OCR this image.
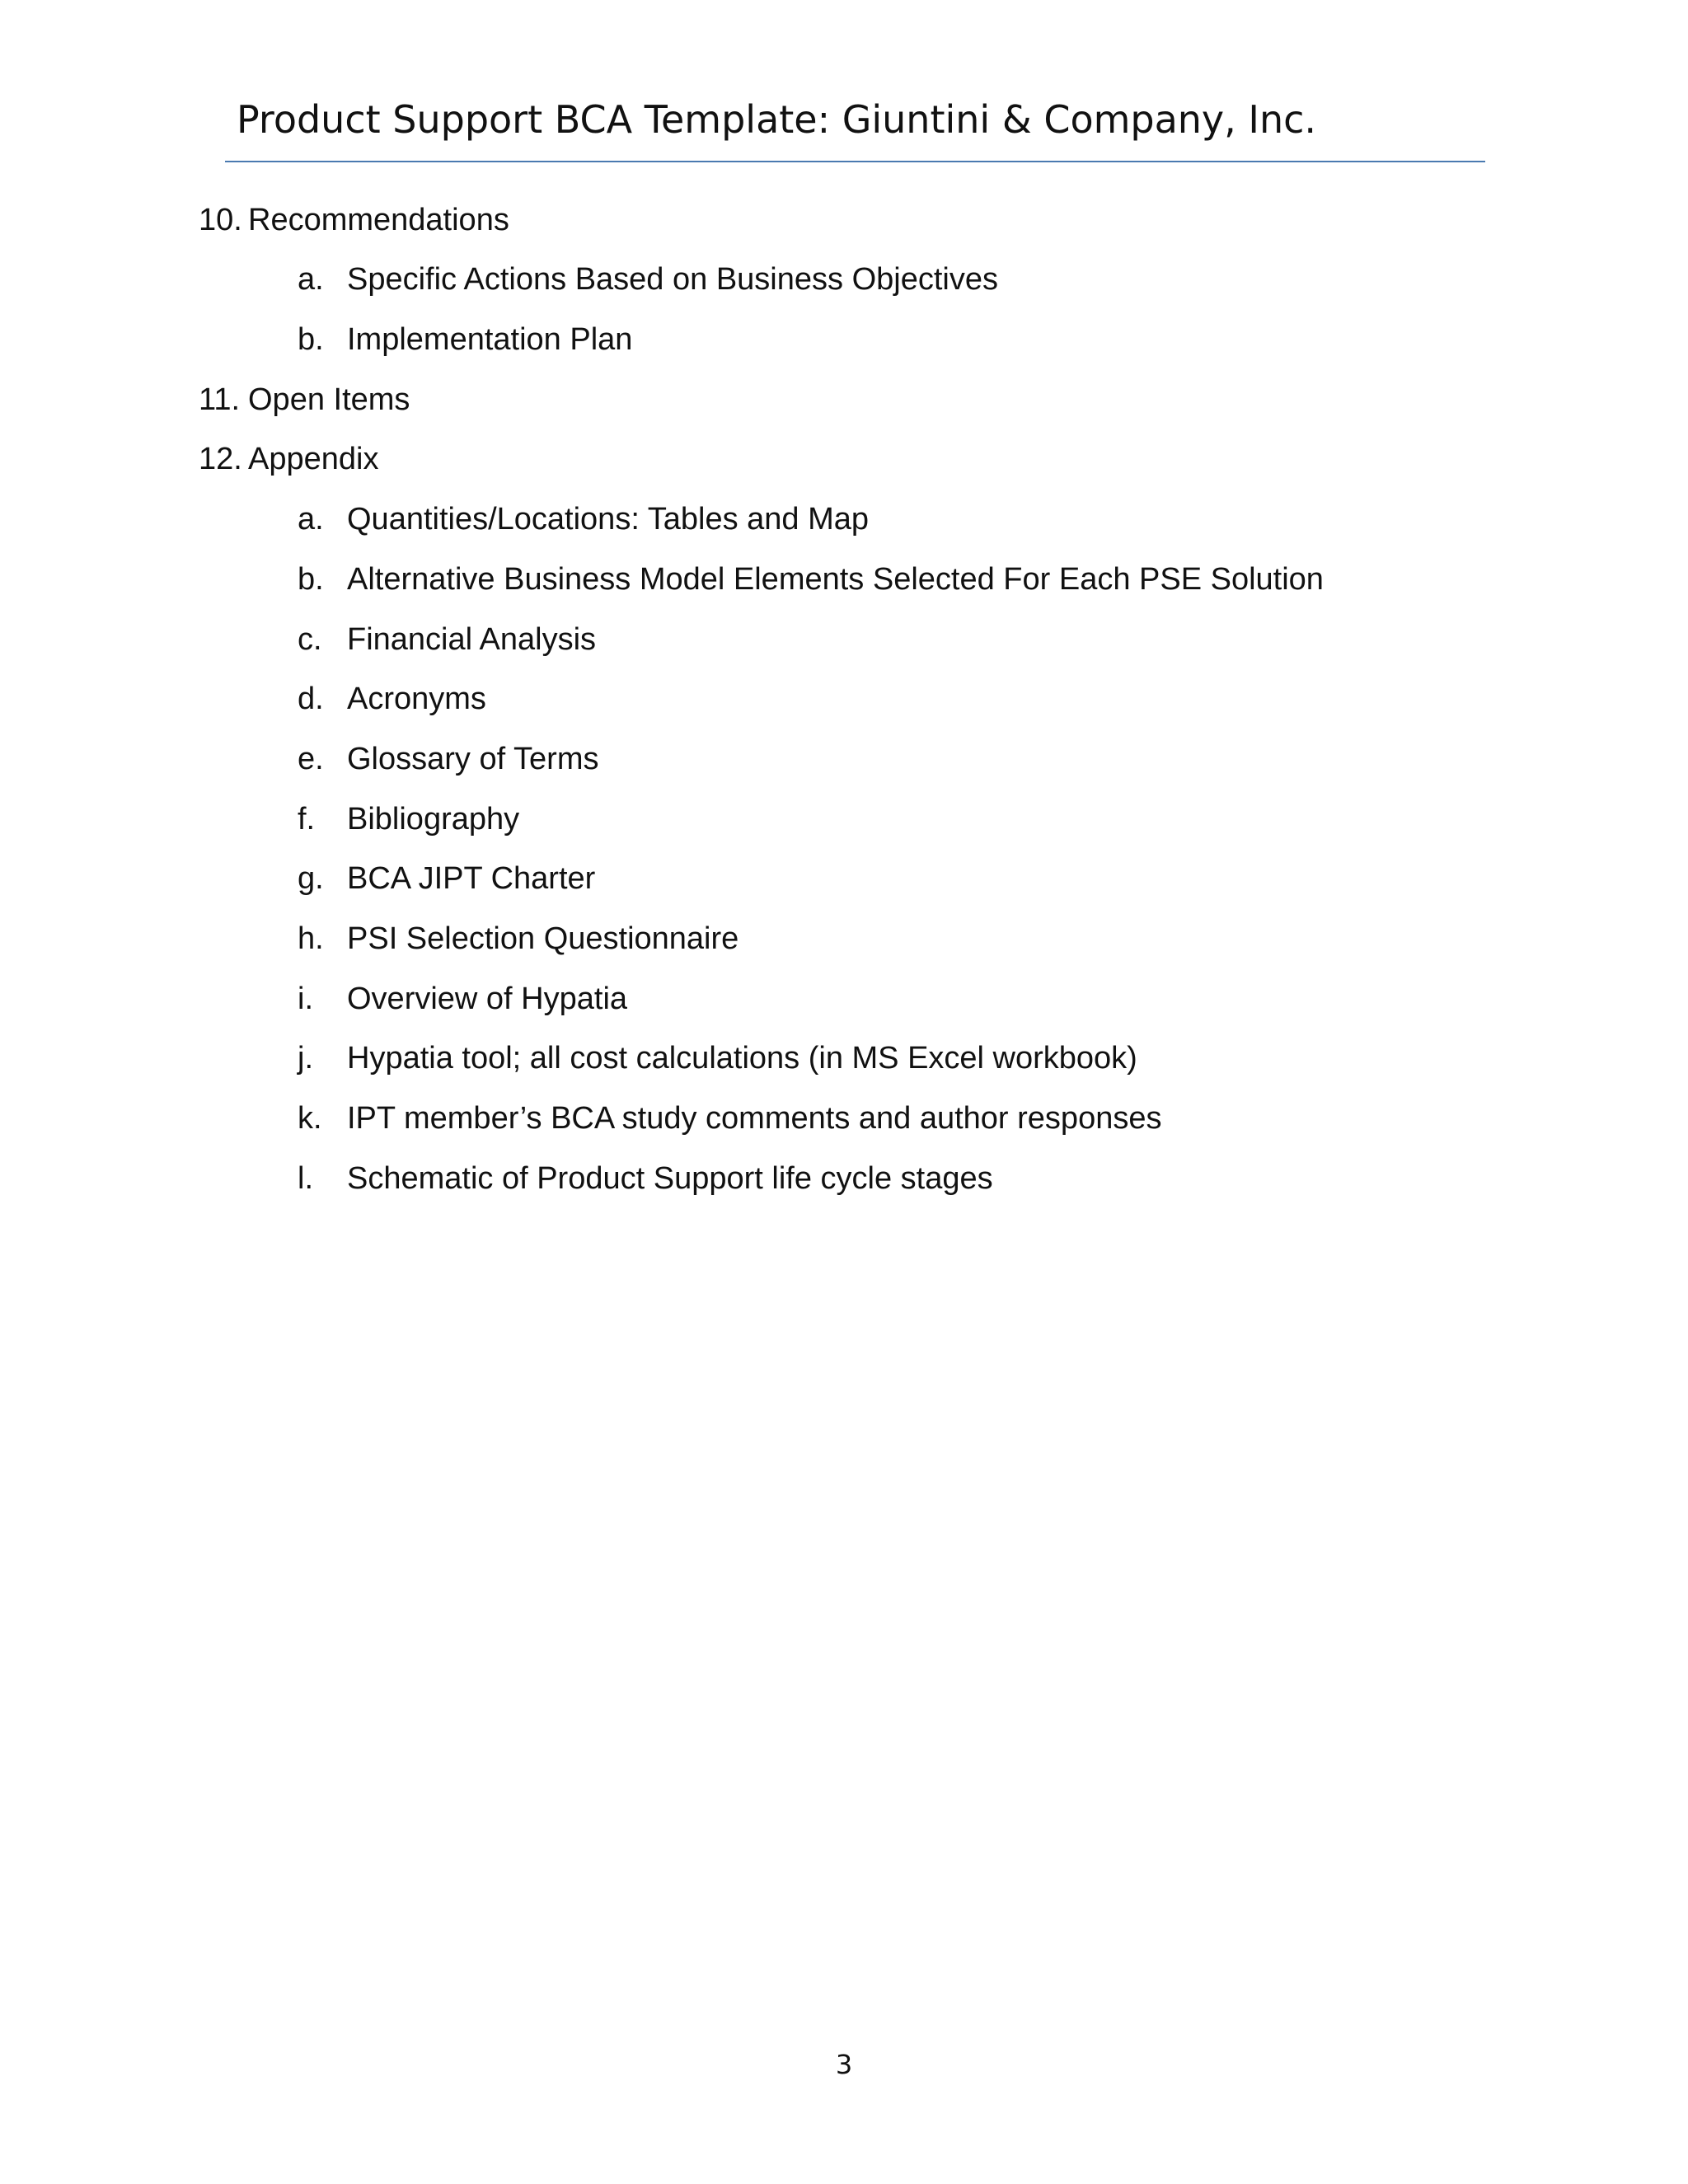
Product Support BCA Template: Giuntini & Company, Inc.
10. Recommendations
a. Specific Actions Based on Business Objectives
b. Implementation Plan
11. Open Items
12. Appendix
a. Quantities/Locations: Tables and Map
b. Alternative Business Model Elements Selected For Each PSE Solution
c. Financial Analysis
d. Acronyms
e. Glossary of Terms
f. Bibliography
g. BCA JIPT Charter
h. PSI Selection Questionnaire
i. Overview of Hypatia
j. Hypatia tool; all cost calculations (in MS Excel workbook)
k. IPT member’s BCA study comments and author responses
l. Schematic of Product Support life cycle stages
3
